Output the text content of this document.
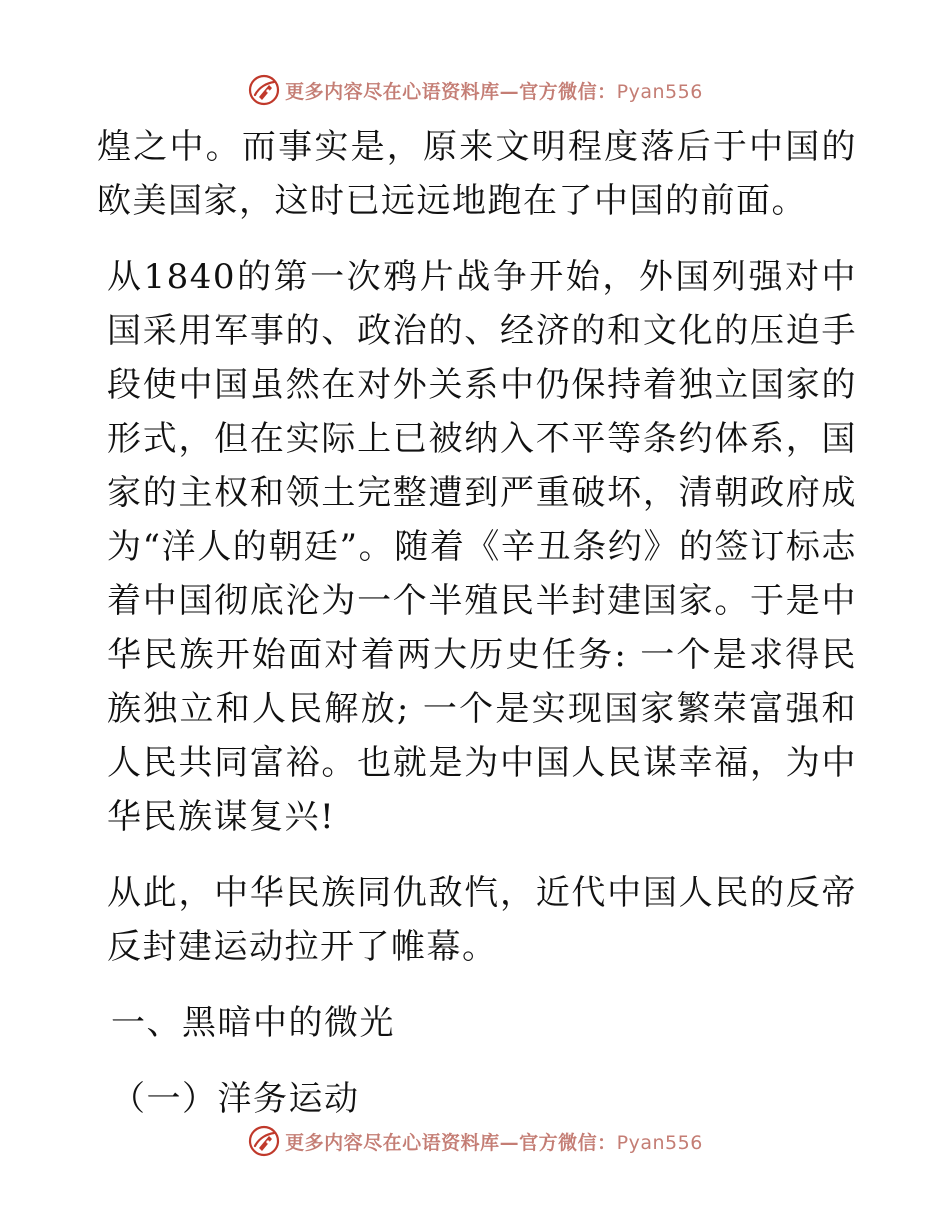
更多内容尽在心语资料库—官方微信：Pyan556

煌之中。而事实是，原来文明程度落后于中国的欧美国家，这时已远远地跑在了中国的前面。

从1840的第一次鸦片战争开始，外国列强对中国采用军事的、政治的、经济的和文化的压迫手段使中国虽然在对外关系中仍保持着独立国家的形式，但在实际上已被纳入不平等条约体系，国家的主权和领土完整遭到严重破坏，清朝政府成为“洋人的朝廷”。随着《辛丑条约》的签订标志着中国彻底沦为一个半殖民半封建国家。于是中华民族开始面对着两大历史任务: 一个是求得民族独立和人民解放; 一个是实现国家繁荣富强和人民共同富裕。也就是为中国人民谋幸福，为中华民族谋复兴!

从此，中华民族同仇敌忾，近代中国人民的反帝反封建运动拉开了帷幕。

一、黑暗中的微光

（一）洋务运动

更多内容尽在心语资料库—官方微信：Pyan556
